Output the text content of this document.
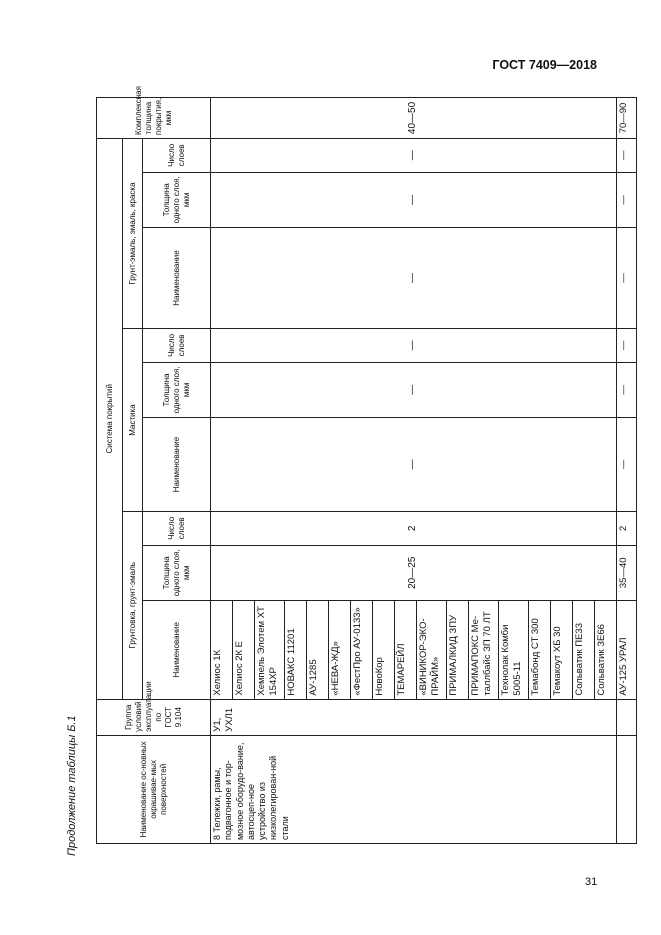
ГОСТ 7409—2018
Продолжение таблицы Б.1
31
Наименование ос-новных окрашивае-мых поверхностей	Группа условий эксплуатации по ГОСТ 9.104	Система покрытий									Комплексная толщина покрытия, мкм
		Грунтовка, грунт-эмаль			Мастика			Грунт-эмаль, эмаль, краска			
		Наименование	Толщина одного слоя, мкм	Число слоев	Наименование	Толщина одного слоя, мкм	Число слоев	Наименование	Толщина одного слоя, мкм	Число слоев	
8 Тележки, рамы, подвагонное и тор-мозное оборудо-вание, автосцеп-ное устройство из низколегирован-ной стали	У1, УХЛ1	Хелиос 1К	20—25	2	—	—	—	—	—	—	40—50
		Хелиос 2К Е									
		Хемпель Элотем ХТ 154ХР									
		НОВАКС 11201									
		АУ-1285									
		«НЕВА-ЖД»									
		«ФестПро АУ-0133»									
		НовоКор									
		ТЕМАРЕЙЛ									
		«ВИНИКОР-ЭКО-ПРАЙМ»									
		ПРИМАЛКИД ЗПУ									
		ПРИМАПОКС Ме-таллбайс ЗП 70 ЛТ									
		Технолак Комби 5005-11									
		Темабонд СТ 300									
		Темакоут ХБ 30									
		Сольватик ПЕ33									
		Сольватик ЗЕ66									
		АУ-125 УРАЛ	35—40	2	—	—	—	—	—	—	70—90
